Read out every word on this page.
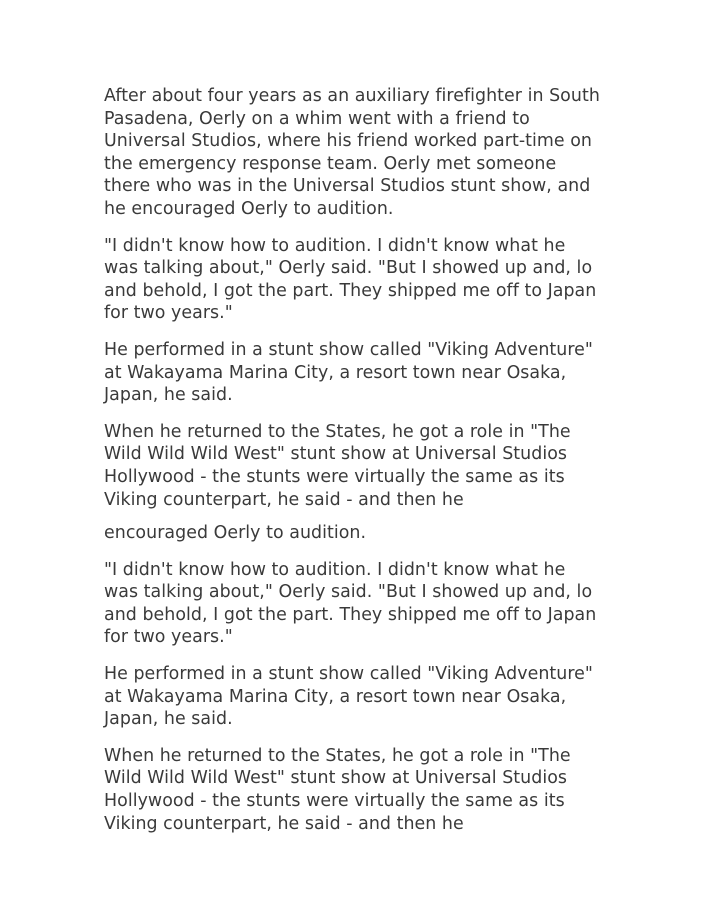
After about four years as an auxiliary firefighter in South Pasadena, Oerly on a whim went with a friend to Universal Studios, where his friend worked part-time on the emergency response team. Oerly met someone there who was in the Universal Studios stunt show, and he encouraged Oerly to audition.

"I didn't know how to audition. I didn't know what he was talking about," Oerly said. "But I showed up and, lo and behold, I got the part. They shipped me off to Japan for two years."

He performed in a stunt show called "Viking Adventure" at Wakayama Marina City, a resort town near Osaka, Japan, he said.

When he returned to the States, he got a role in "The Wild Wild Wild West" stunt show at Universal Studios Hollywood - the stunts were virtually the same as its Viking counterpart, he said - and then he

encouraged Oerly to audition.

"I didn't know how to audition. I didn't know what he was talking about," Oerly said. "But I showed up and, lo and behold, I got the part. They shipped me off to Japan for two years."

He performed in a stunt show called "Viking Adventure" at Wakayama Marina City, a resort town near Osaka, Japan, he said.

When he returned to the States, he got a role in "The Wild Wild Wild West" stunt show at Universal Studios Hollywood - the stunts were virtually the same as its Viking counterpart, he said - and then he
